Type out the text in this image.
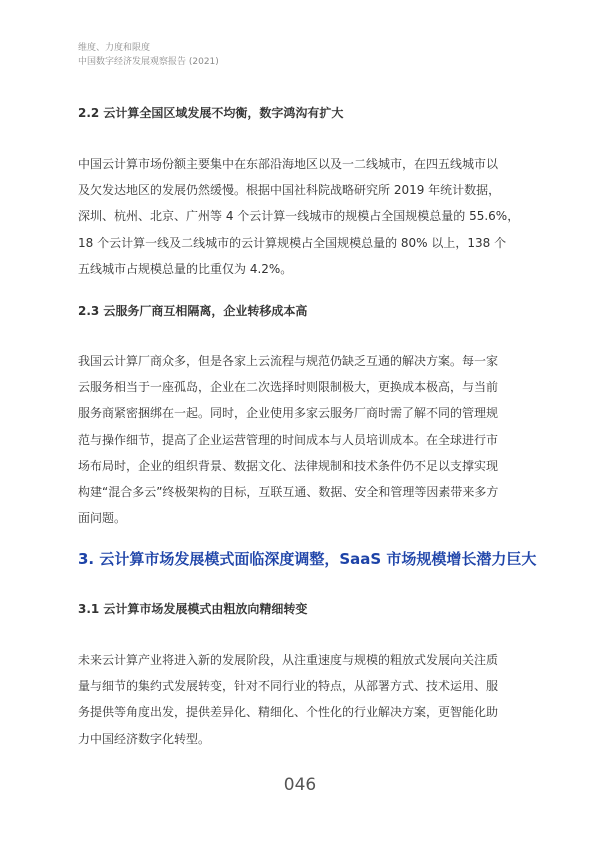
维度、力度和限度
中国数字经济发展观察报告 (2021)
2.2 云计算全国区域发展不均衡，数字鸿沟有扩大
中国云计算市场份额主要集中在东部沿海地区以及一二线城市，在四五线城市以
及欠发达地区的发展仍然缓慢。根据中国社科院战略研究所 2019 年统计数据，
深圳、杭州、北京、广州等 4 个云计算一线城市的规模占全国规模总量的 55.6%，
18 个云计算一线及二线城市的云计算规模占全国规模总量的 80% 以上，138 个
五线城市占规模总量的比重仅为 4.2%。
2.3 云服务厂商互相隔离，企业转移成本高
我国云计算厂商众多，但是各家上云流程与规范仍缺乏互通的解决方案。每一家
云服务相当于一座孤岛，企业在二次选择时则限制极大，更换成本极高，与当前
服务商紧密捆绑在一起。同时，企业使用多家云服务厂商时需了解不同的管理规
范与操作细节，提高了企业运营管理的时间成本与人员培训成本。在全球进行市
场布局时，企业的组织背景、数据文化、法律规制和技术条件仍不足以支撑实现
构建“混合多云”终极架构的目标，互联互通、数据、安全和管理等因素带来多方
面问题。
3. 云计算市场发展模式面临深度调整，SaaS 市场规模增长潜力巨大
3.1 云计算市场发展模式由粗放向精细转变
未来云计算产业将进入新的发展阶段，从注重速度与规模的粗放式发展向关注质
量与细节的集约式发展转变，针对不同行业的特点，从部署方式、技术运用、服
务提供等角度出发，提供差异化、精细化、个性化的行业解决方案，更智能化助
力中国经济数字化转型。
046
